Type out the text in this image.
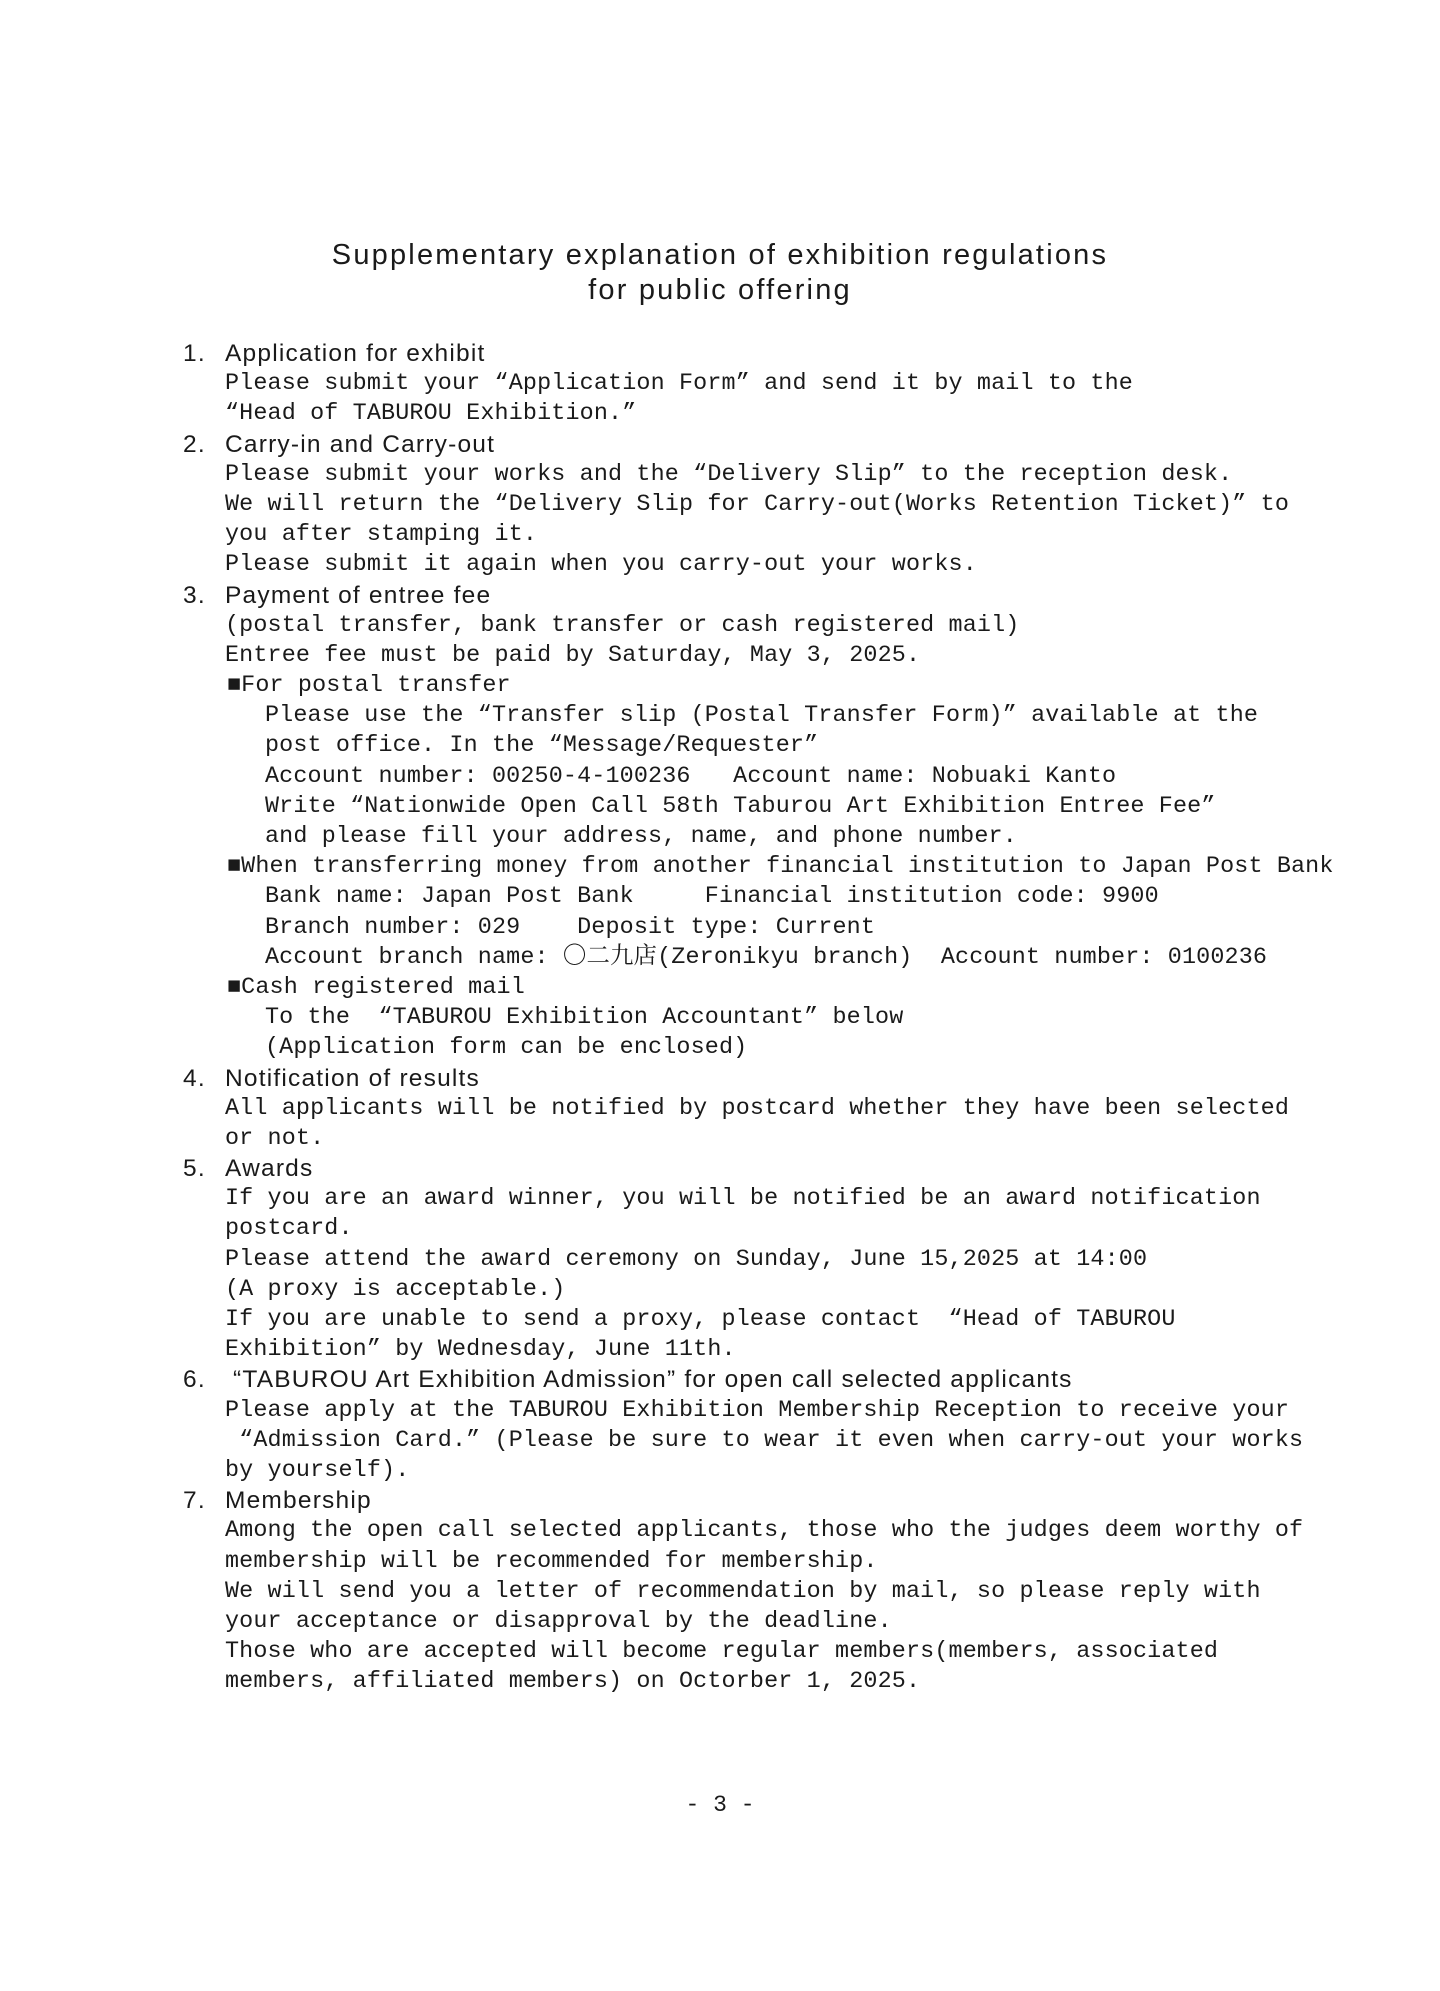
Supplementary explanation of exhibition regulations
for public offering
1. Application for exhibit
Please submit your “Application Form” and send it by mail to the
“Head of TABUROU Exhibition.”
2. Carry-in and Carry-out
Please submit your works and the “Delivery Slip” to the reception desk.
We will return the “Delivery Slip for Carry-out(Works Retention Ticket)” to
you after stamping it.
Please submit it again when you carry-out your works.
3. Payment of entree fee
(postal transfer, bank transfer or cash registered mail)
Entree fee must be paid by Saturday, May 3, 2025.
■For postal transfer
Please use the “Transfer slip (Postal Transfer Form)” available at the
post office. In the “Message/Requester”
Account number: 00250-4-100236   Account name: Nobuaki Kanto
Write “Nationwide Open Call 58th Taburou Art Exhibition Entree Fee”
and please fill your address, name, and phone number.
■When transferring money from another financial institution to Japan Post Bank
Bank name: Japan Post Bank     Financial institution code: 9900
Branch number: 029    Deposit type: Current
Account branch name: 〇二九店(Zeronikyu branch)  Account number: 0100236
■Cash registered mail
To the  “TABUROU Exhibition Accountant” below
(Application form can be enclosed)
4. Notification of results
All applicants will be notified by postcard whether they have been selected
or not.
5. Awards
If you are an award winner, you will be notified be an award notification
postcard.
Please attend the award ceremony on Sunday, June 15,2025 at 14:00
(A proxy is acceptable.)
If you are unable to send a proxy, please contact  “Head of TABUROU
Exhibition” by Wednesday, June 11th.
6. “TABUROU Art Exhibition Admission” for open call selected applicants
Please apply at the TABUROU Exhibition Membership Reception to receive your
“Admission Card.” (Please be sure to wear it even when carry-out your works
by yourself).
7. Membership
Among the open call selected applicants, those who the judges deem worthy of
membership will be recommended for membership.
We will send you a letter of recommendation by mail, so please reply with
your acceptance or disapproval by the deadline.
Those who are accepted will become regular members(members, associated
members, affiliated members) on Octorber 1, 2025.
- 3 -
